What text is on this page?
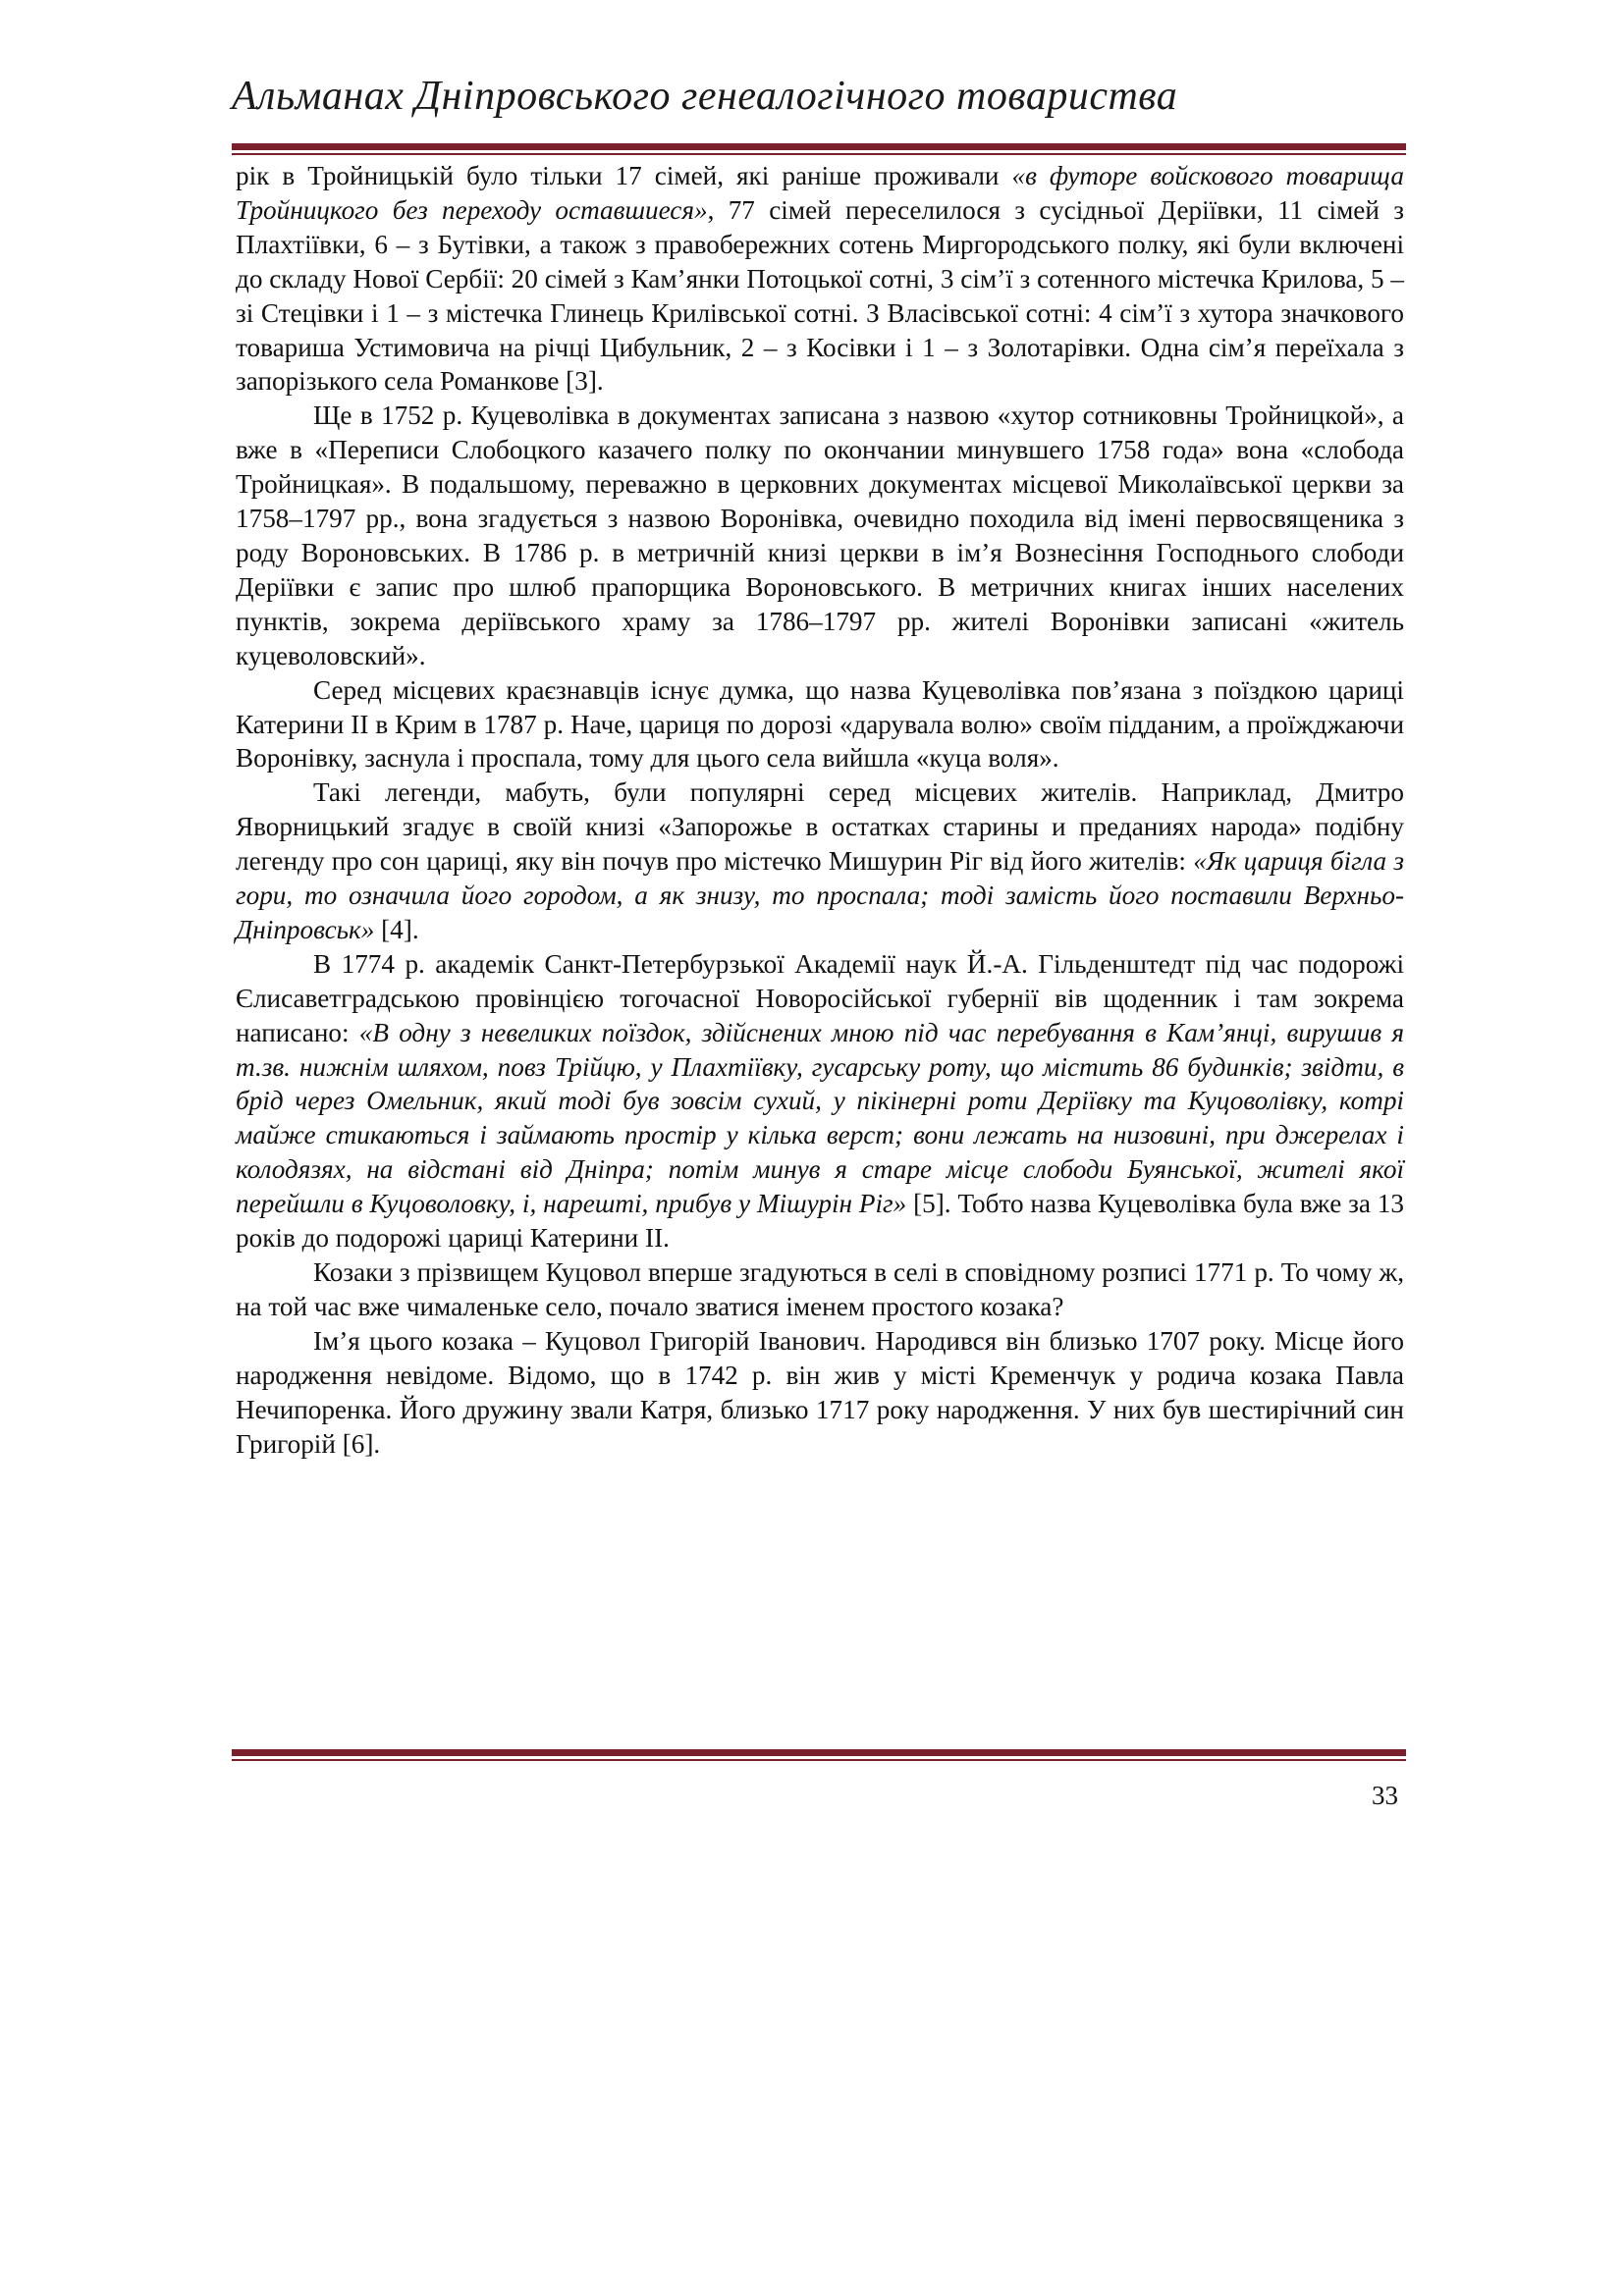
Альманах Дніпровського генеалогічного товариства

рік в Тройницькій було тільки 17 сімей, які раніше проживали «в футоре войскового товарища Тройницкого без переходу оставшиеся», 77 сімей переселилося з сусідньої Деріївки, 11 сімей з Плахтіївки, 6 – з Бутівки, а також з правобережних сотень Миргородського полку, які були включені до складу Нової Сербії: 20 сімей з Кам’янки Потоцької сотні, 3 сім’ї з сотенного містечка Крилова, 5 – зі Стецівки і 1 – з містечка Глинець Крилівської сотні. З Власівської сотні: 4 сім’ї з хутора значкового товариша Устимовича на річці Цибульник, 2 – з Косівки і 1 – з Золотарівки. Одна сім’я переїхала з запорізького села Романкове [3].

Ще в 1752 р. Куцеволівка в документах записана з назвою «хутор сотниковны Тройницкой», а вже в «Переписи Слобоцкого казачего полку по окончании минувшего 1758 года» вона «слобода Тройницкая». В подальшому, переважно в церковних документах місцевої Миколаївської церкви за 1758–1797 рр., вона згадується з назвою Воронівка, очевидно походила від імені первосвященика з роду Вороновських. В 1786 р. в метричній книзі церкви в ім’я Вознесіння Господнього слободи Деріївки є запис про шлюб прапорщика Вороновського. В метричних книгах інших населених пунктів, зокрема деріївського храму за 1786–1797 рр. жителі Воронівки записані «житель куцеволовский».

Серед місцевих краєзнавців існує думка, що назва Куцеволівка пов’язана з поїздкою цариці Катерини ІІ в Крим в 1787 р. Наче, цариця по дорозі «дарувала волю» своїм підданим, а проїжджаючи Воронівку, заснула і проспала, тому для цього села вийшла «куца воля».

Такі легенди, мабуть, були популярні серед місцевих жителів. Наприклад, Дмитро Яворницький згадує в своїй книзі «Запорожье в остатках старины и преданиях народа» подібну легенду про сон цариці, яку він почув про містечко Мишурин Ріг від його жителів: «Як цариця бігла з гори, то означила його городом, а як знизу, то проспала; тоді замість його поставили Верхньо-Дніпровськ» [4].

В 1774 р. академік Санкт-Петербурзької Академії наук Й.-А. Гільденштедт під час подорожі Єлисаветградською провінцією тогочасної Новоросійської губернії вів щоденник і там зокрема написано: «В одну з невеликих поїздок, здійснених мною під час перебування в Кам’янці, вирушив я т.зв. нижнім шляхом, повз Трійцю, у Плахтіївку, гусарську роту, що містить 86 будинків; звідти, в брід через Омельник, який тоді був зовсім сухий, у пікінерні роти Деріївку та Куцоволівку, котрі майже стикаються і займають простір у кілька верст; вони лежать на низовині, при джерелах і колодязях, на відстані від Дніпра; потім минув я старе місце слободи Буянської, жителі якої перейшли в Куцоволовку, і, нарешті, прибув у Мішурін Ріг» [5]. Тобто назва Куцеволівка була вже за 13 років до подорожі цариці Катерини ІІ.

Козаки з прізвищем Куцовол вперше згадуються в селі в сповідному розписі 1771 р. То чому ж, на той час вже чималеньке село, почало зватися іменем простого козака?

Ім’я цього козака – Куцовол Григорій Іванович. Народився він близько 1707 року. Місце його народження невідоме. Відомо, що в 1742 р. він жив у місті Кременчук у родича козака Павла Нечипоренка. Його дружину звали Катря, близько 1717 року народження. У них був шестирічний син Григорій [6].

33
